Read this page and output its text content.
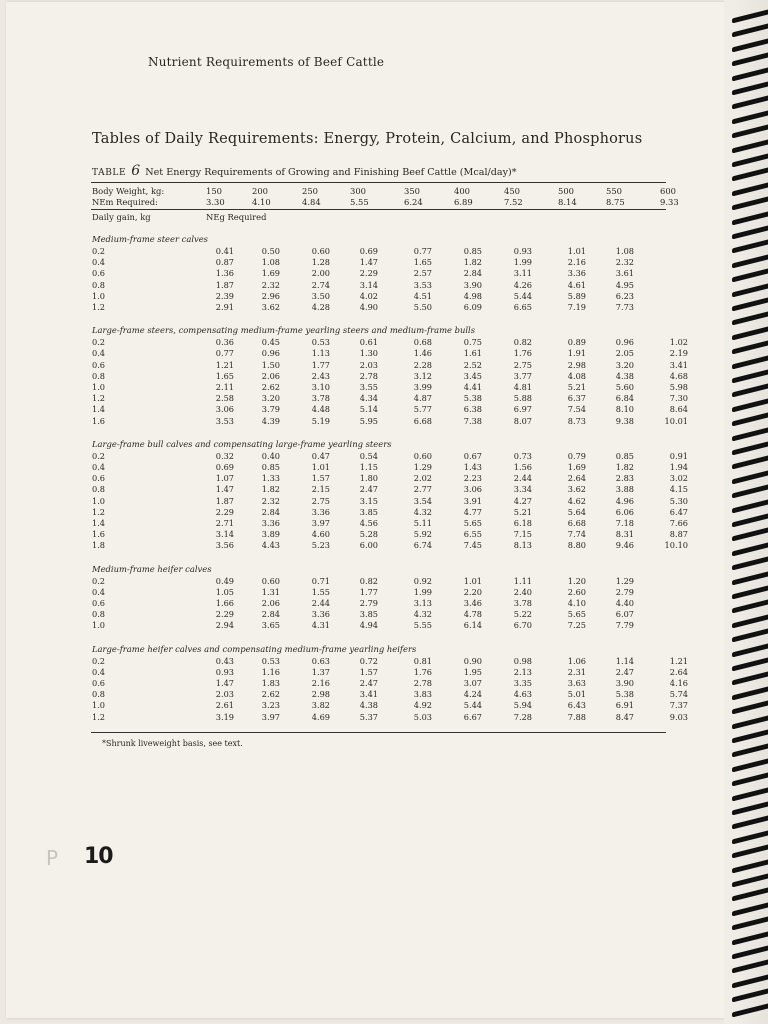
Nutrient Requirements of Beef Cattle
Tables of Daily Requirements: Energy, Protein, Calcium, and Phosphorus
TABLE 6 Net Energy Requirements of Growing and Finishing Beef Cattle (Mcal/day)*
Body Weight, kg:	150	200	250	300	350	400	450	500	550	600
NEm Required:	3.30	4.10	4.84	5.55	6.24	6.89	7.52	8.14	8.75	9.33
Daily gain, kg	NEg Required
Medium-frame steer calves
0.2	0.41	0.50	0.60	0.69	0.77	0.85	0.93	1.01	1.08
0.4	0.87	1.08	1.28	1.47	1.65	1.82	1.99	2.16	2.32
0.6	1.36	1.69	2.00	2.29	2.57	2.84	3.11	3.36	3.61
0.8	1.87	2.32	2.74	3.14	3.53	3.90	4.26	4.61	4.95
1.0	2.39	2.96	3.50	4.02	4.51	4.98	5.44	5.89	6.23
1.2	2.91	3.62	4.28	4.90	5.50	6.09	6.65	7.19	7.73
Large-frame steers, compensating medium-frame yearling steers and medium-frame bulls
0.2	0.36	0.45	0.53	0.61	0.68	0.75	0.82	0.89	0.96	1.02
0.4	0.77	0.96	1.13	1.30	1.46	1.61	1.76	1.91	2.05	2.19
0.6	1.21	1.50	1.77	2.03	2.28	2.52	2.75	2.98	3.20	3.41
0.8	1.65	2.06	2.43	2.78	3.12	3.45	3.77	4.08	4.38	4.68
1.0	2.11	2.62	3.10	3.55	3.99	4.41	4.81	5.21	5.60	5.98
1.2	2.58	3.20	3.78	4.34	4.87	5.38	5.88	6.37	6.84	7.30
1.4	3.06	3.79	4.48	5.14	5.77	6.38	6.97	7.54	8.10	8.64
1.6	3.53	4.39	5.19	5.95	6.68	7.38	8.07	8.73	9.38	10.01
Large-frame bull calves and compensating large-frame yearling steers
0.2	0.32	0.40	0.47	0.54	0.60	0.67	0.73	0.79	0.85	0.91
0.4	0.69	0.85	1.01	1.15	1.29	1.43	1.56	1.69	1.82	1.94
0.6	1.07	1.33	1.57	1.80	2.02	2.23	2.44	2.64	2.83	3.02
0.8	1.47	1.82	2.15	2.47	2.77	3.06	3.34	3.62	3.88	4.15
1.0	1.87	2.32	2.75	3.15	3.54	3.91	4.27	4.62	4.96	5.30
1.2	2.29	2.84	3.36	3.85	4.32	4.77	5.21	5.64	6.06	6.47
1.4	2.71	3.36	3.97	4.56	5.11	5.65	6.18	6.68	7.18	7.66
1.6	3.14	3.89	4.60	5.28	5.92	6.55	7.15	7.74	8.31	8.87
1.8	3.56	4.43	5.23	6.00	6.74	7.45	8.13	8.80	9.46	10.10
Medium-frame heifer calves
0.2	0.49	0.60	0.71	0.82	0.92	1.01	1.11	1.20	1.29
0.4	1.05	1.31	1.55	1.77	1.99	2.20	2.40	2.60	2.79
0.6	1.66	2.06	2.44	2.79	3.13	3.46	3.78	4.10	4.40
0.8	2.29	2.84	3.36	3.85	4.32	4.78	5.22	5.65	6.07
1.0	2.94	3.65	4.31	4.94	5.55	6.14	6.70	7.25	7.79
Large-frame heifer calves and compensating medium-frame yearling heifers
0.2	0.43	0.53	0.63	0.72	0.81	0.90	0.98	1.06	1.14	1.21
0.4	0.93	1.16	1.37	1.57	1.76	1.95	2.13	2.31	2.47	2.64
0.6	1.47	1.83	2.16	2.47	2.78	3.07	3.35	3.63	3.90	4.16
0.8	2.03	2.62	2.98	3.41	3.83	4.24	4.63	5.01	5.38	5.74
1.0	2.61	3.23	3.82	4.38	4.92	5.44	5.94	6.43	6.91	7.37
1.2	3.19	3.97	4.69	5.37	5.03	6.67	7.28	7.88	8.47	9.03
*Shrunk liveweight basis, see text.
P 10
